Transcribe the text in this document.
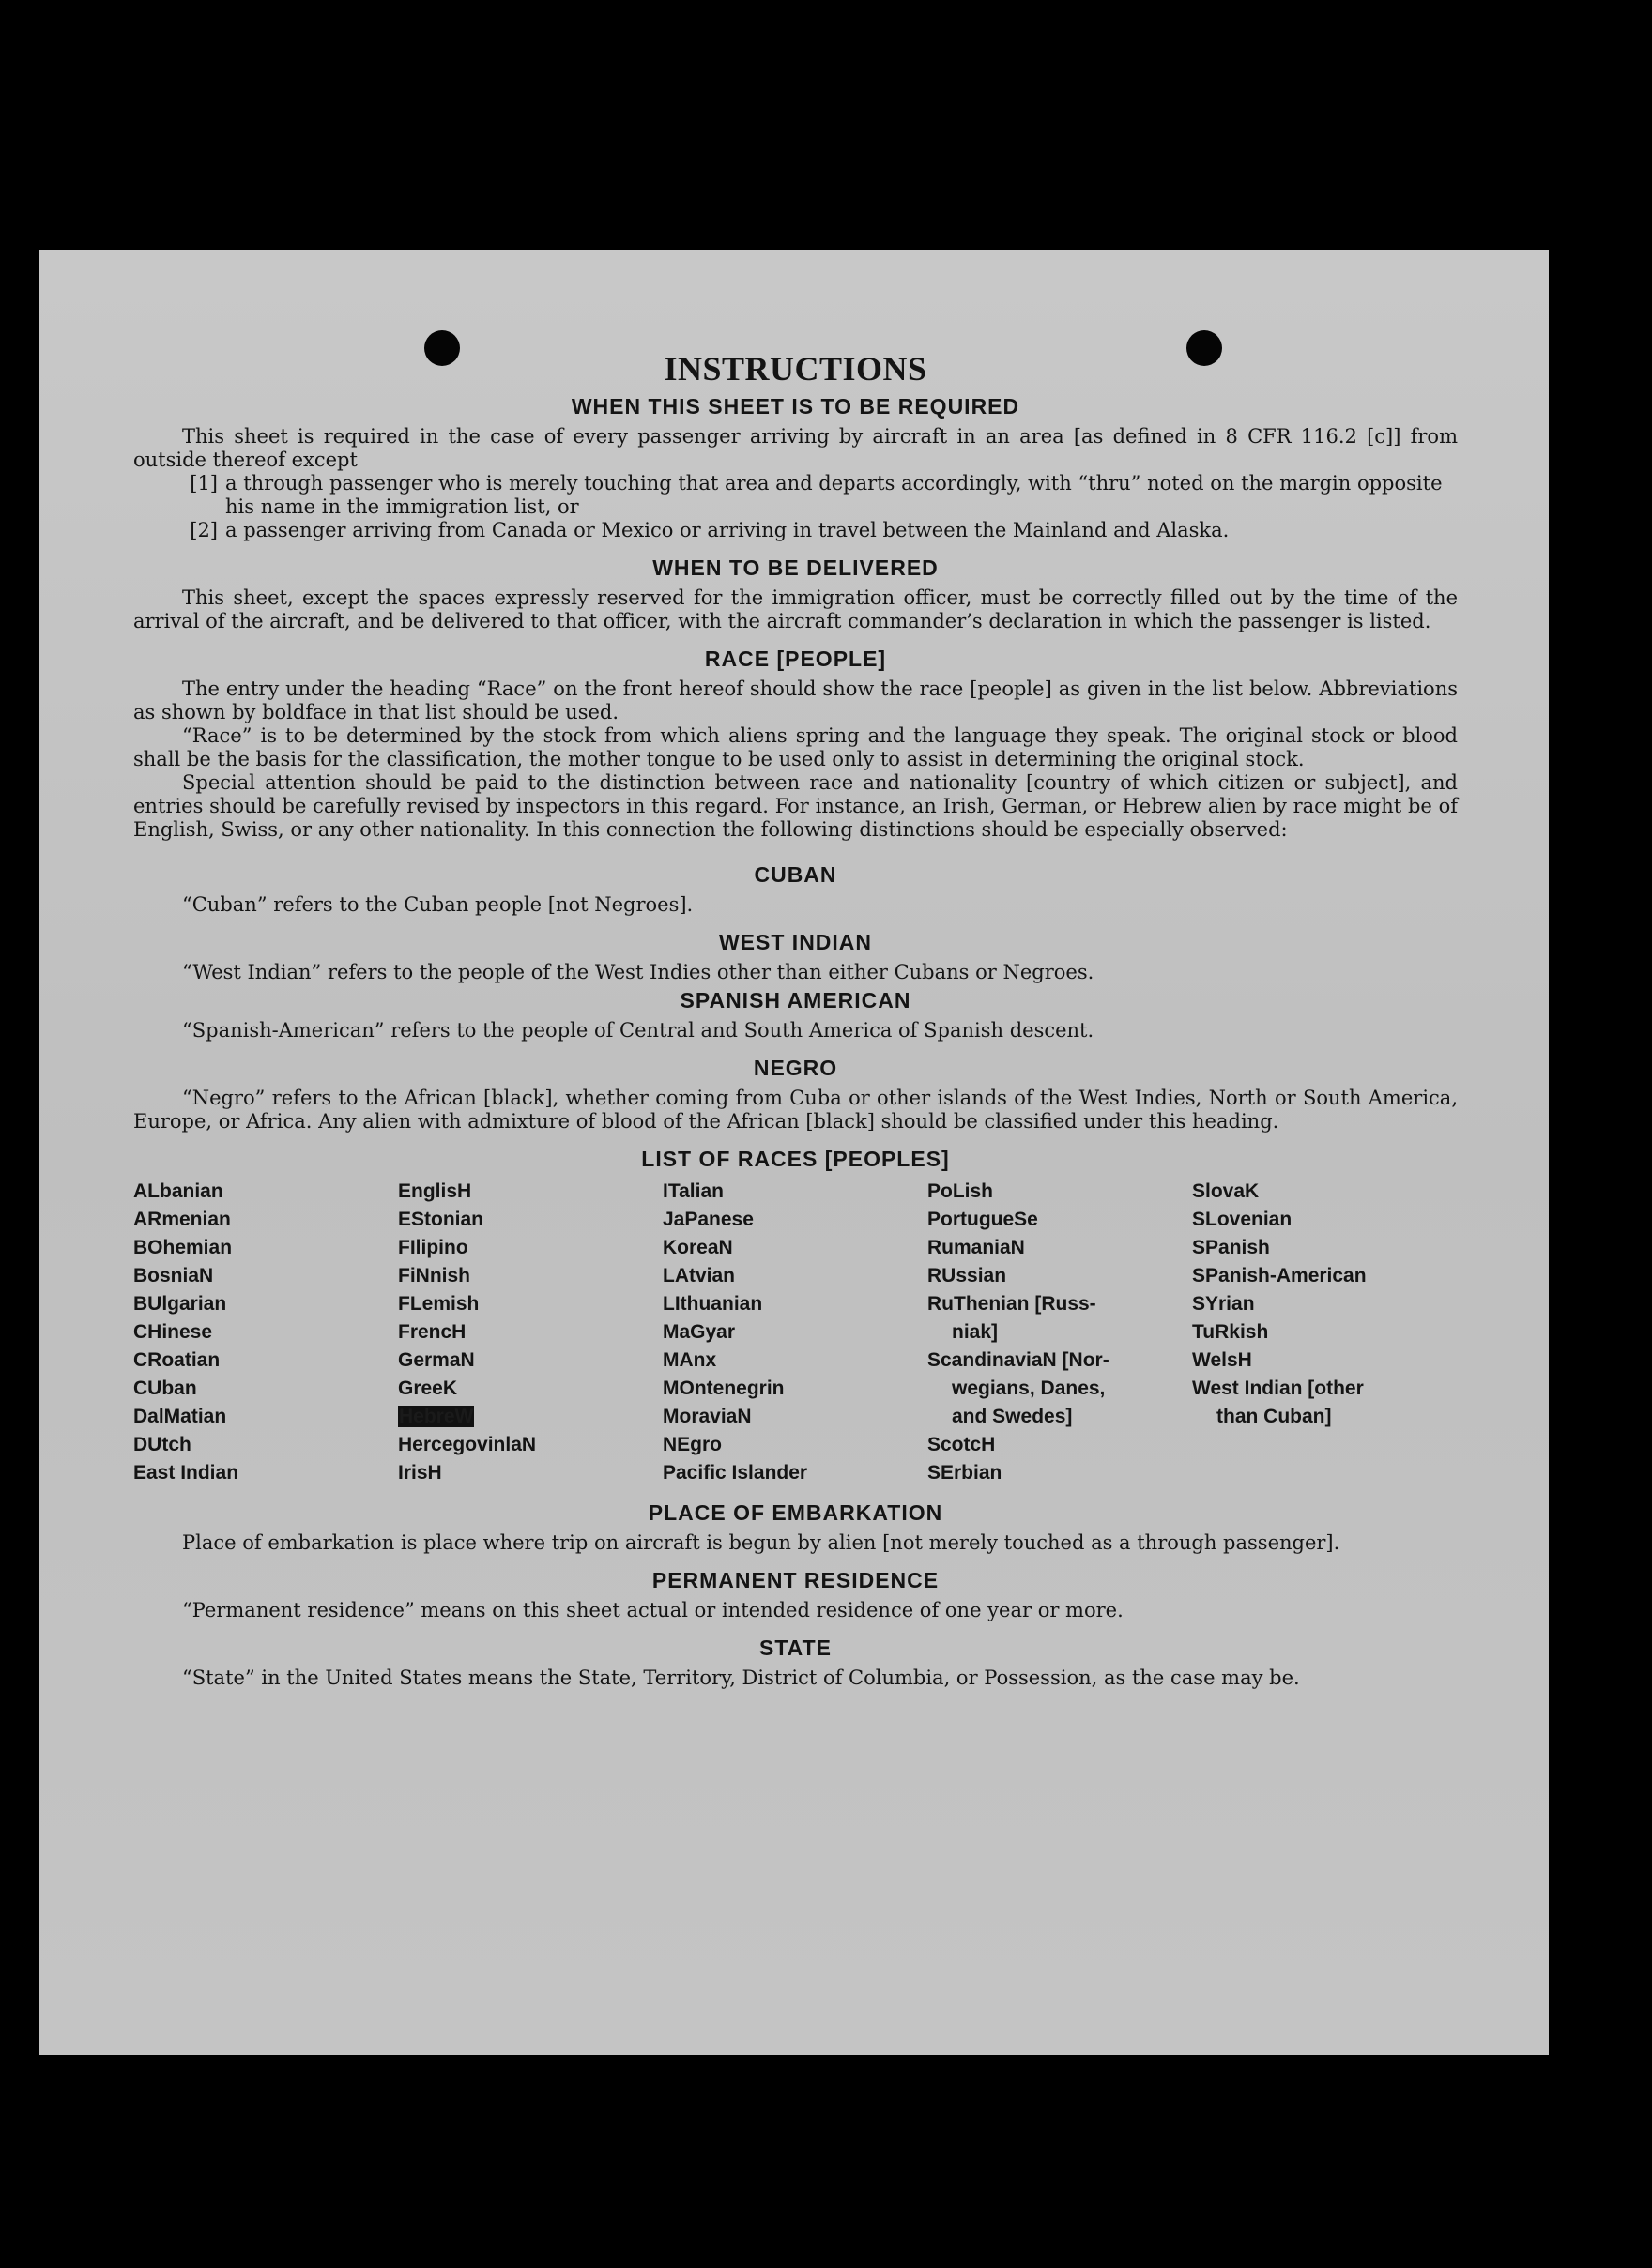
INSTRUCTIONS
WHEN THIS SHEET IS TO BE REQUIRED

This sheet is required in the case of every passenger arriving by aircraft in an area [as defined in 8 CFR 116.2 [c]] from outside thereof except

[1] a through passenger who is merely touching that area and departs accordingly, with “thru” noted on the margin opposite his name in the immigration list, or
[2] a passenger arriving from Canada or Mexico or arriving in travel between the Mainland and Alaska.
WHEN TO BE DELIVERED

This sheet, except the spaces expressly reserved for the immigration officer, must be correctly filled out by the time of the arrival of the aircraft, and be delivered to that officer, with the aircraft commander’s declaration in which the passenger is listed.

RACE [PEOPLE]

The entry under the heading “Race” on the front hereof should show the race [people] as given in the list below. Abbreviations as shown by boldface in that list should be used.

“Race” is to be determined by the stock from which aliens spring and the language they speak. The original stock or blood shall be the basis for the classification, the mother tongue to be used only to assist in determining the original stock.

Special attention should be paid to the distinction between race and nationality [country of which citizen or subject], and entries should be carefully revised by inspectors in this regard. For instance, an Irish, German, or Hebrew alien by race might be of English, Swiss, or any other nationality. In this connection the following distinctions should be especially observed:

CUBAN

“Cuban” refers to the Cuban people [not Negroes].

WEST INDIAN

“West Indian” refers to the people of the West Indies other than either Cubans or Negroes.

SPANISH AMERICAN

“Spanish-American” refers to the people of Central and South America of Spanish descent.

NEGRO

“Negro” refers to the African [black], whether coming from Cuba or other islands of the West Indies, North or South America, Europe, or Africa. Any alien with admixture of blood of the African [black] should be classified under this heading.

LIST OF RACES [PEOPLES]
ALbanian
ARmenian
BOhemian
BosniaN
BUlgarian
CHinese
CRoatian
CUban
DalMatian
DUtch
East Indian
EnglisH
EStonian
FIlipino
FiNnish
FLemish
FrencH
GermaN
GreeK
HebreW
HercegovinlaN
IrisH
ITalian
JaPanese
KoreaN
LAtvian
LIthuanian
MaGyar
MAnx
MOntenegrin
MoraviaN
NEgro
Pacific Islander
PoLish
PortugueSe
RumaniaN
RUssian
RuThenian [Russ-
niak]
ScandinaviaN [Nor-
wegians, Danes,
and Swedes]
ScotcH
SErbian
SlovaK
SLovenian
SPanish
SPanish-American
SYrian
TuRkish
WelsH
West Indian [other
than Cuban]
PLACE OF EMBARKATION

Place of embarkation is place where trip on aircraft is begun by alien [not merely touched as a through passenger].

PERMANENT RESIDENCE

“Permanent residence” means on this sheet actual or intended residence of one year or more.

STATE

“State” in the United States means the State, Territory, District of Columbia, or Possession, as the case may be.
